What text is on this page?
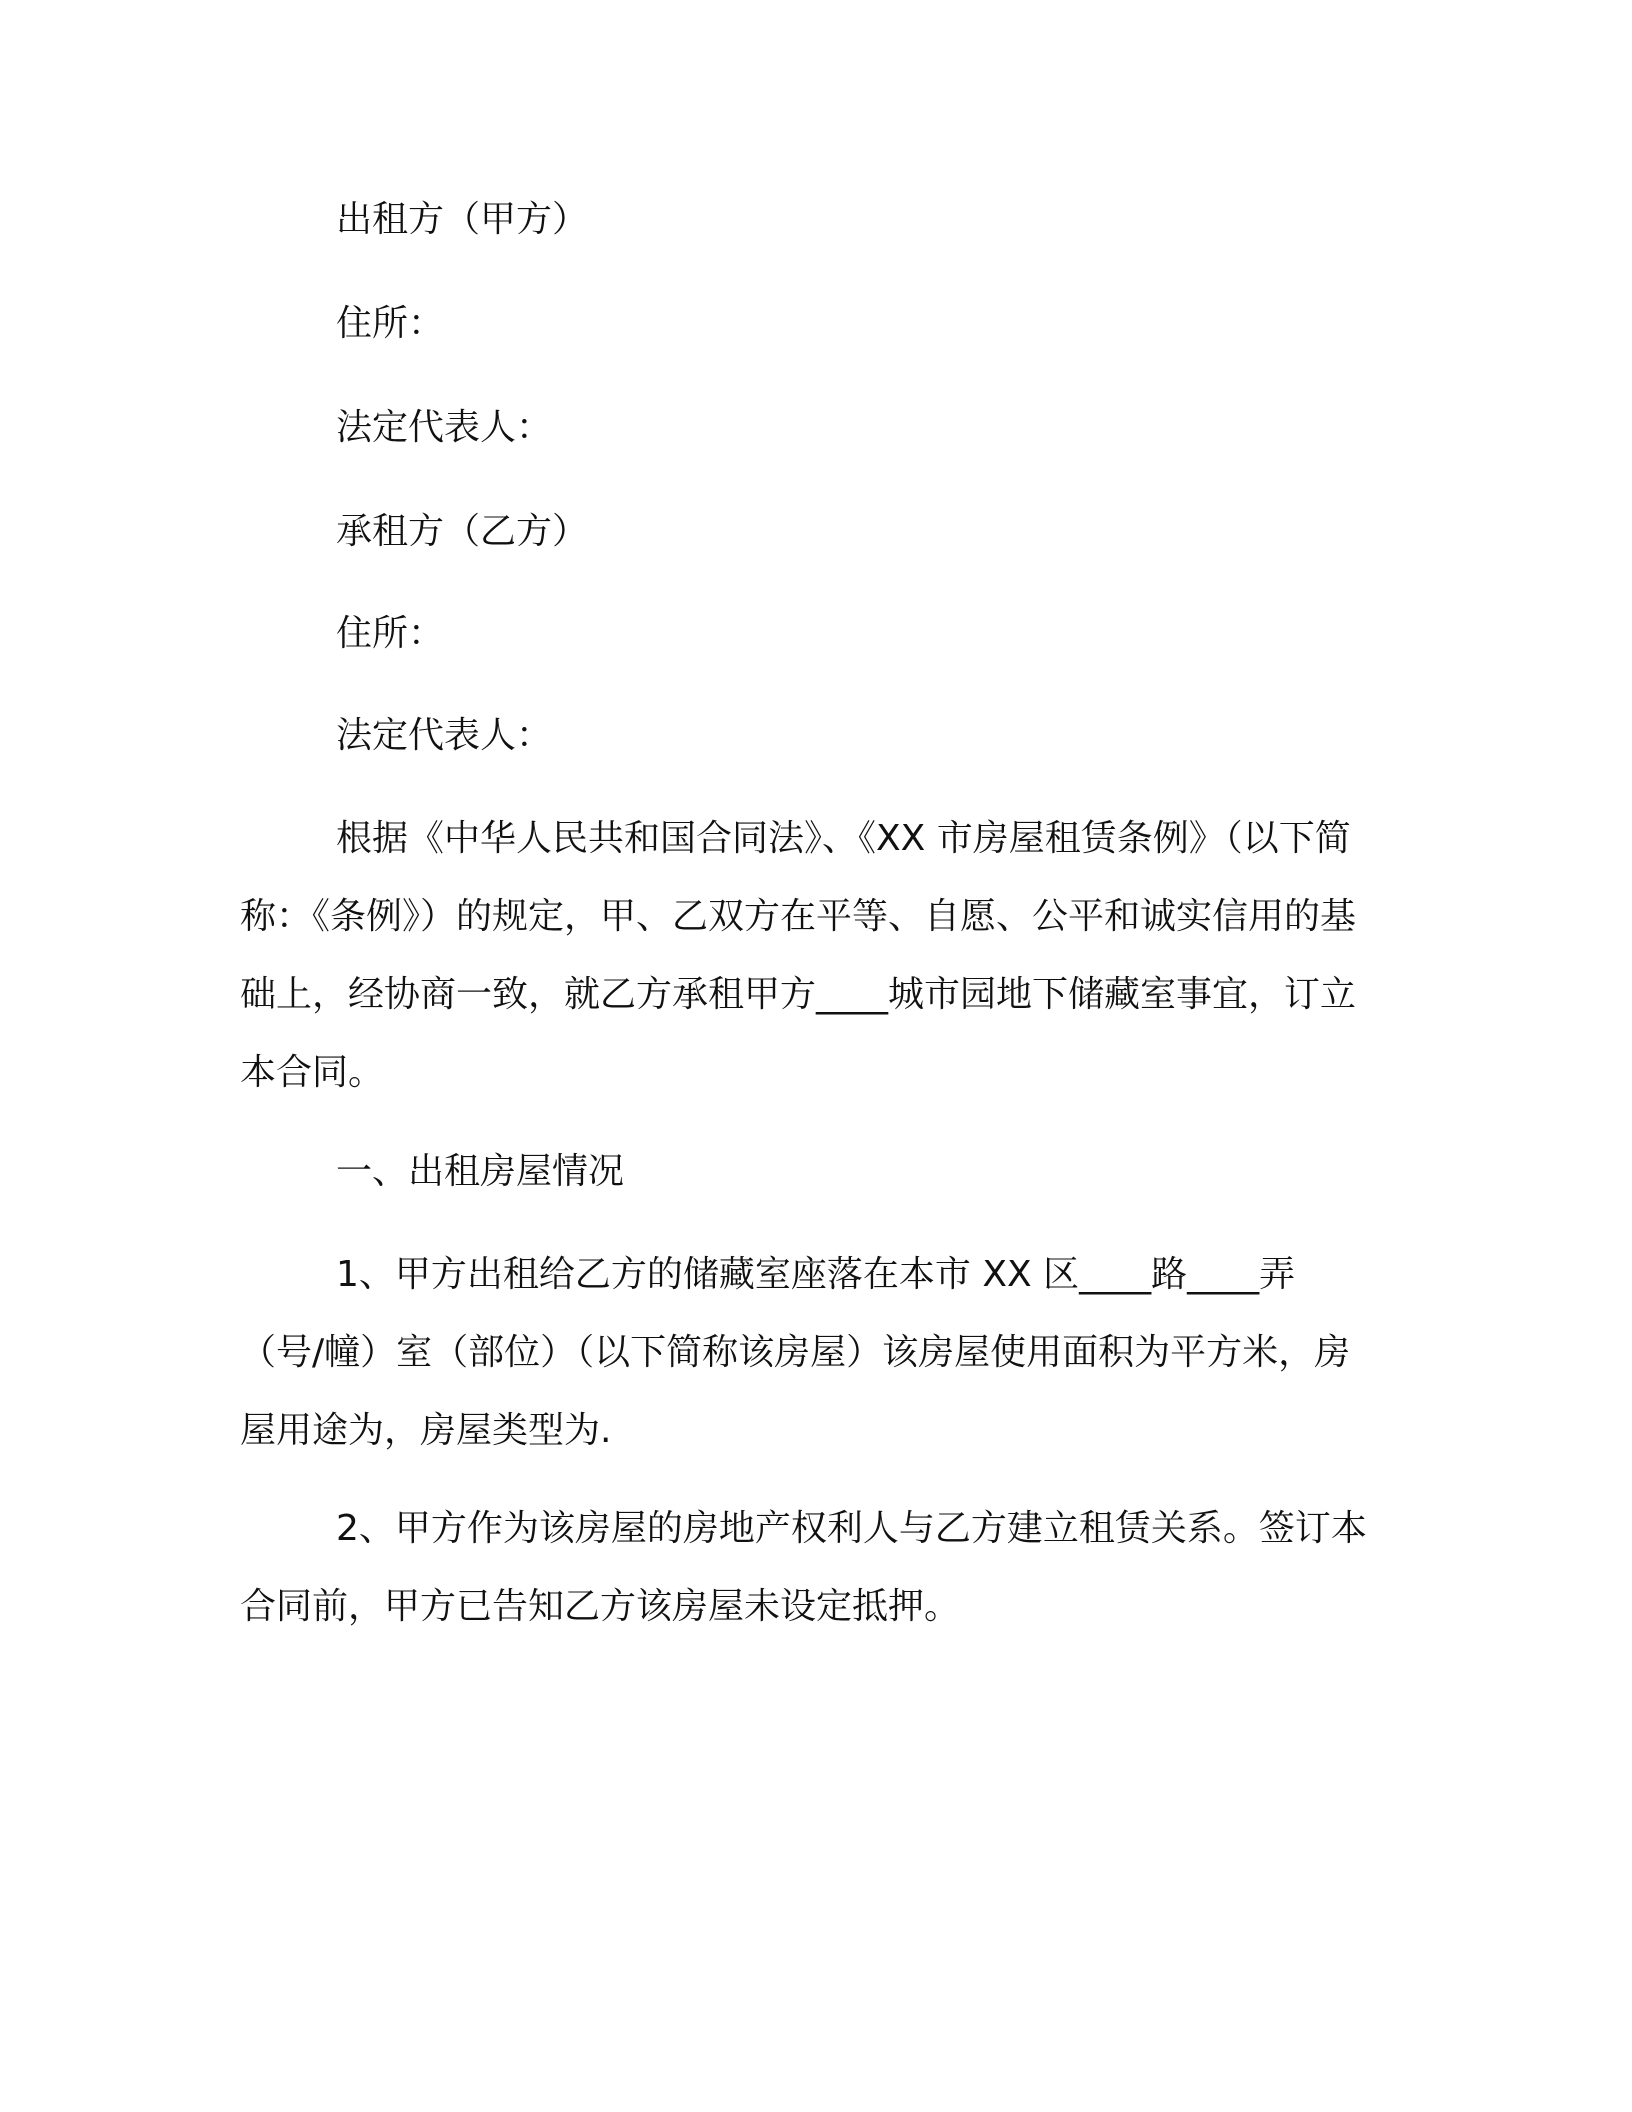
出租方（甲方）
住所：
法定代表人：
承租方（乙方）
住所：
法定代表人：
根据《中华人民共和国合同法》、《XX 市房屋租赁条例》（以下简称：《条例》）的规定，甲、乙双方在平等、自愿、公平和诚实信用的基础上，经协商一致，就乙方承租甲方____城市园地下储藏室事宜，订立本合同。
一、出租房屋情况
1、甲方出租给乙方的储藏室座落在本市 XX 区____路____弄（号/幢）室（部位）（以下简称该房屋）该房屋使用面积为平方米，房屋用途为，房屋类型为.
2、甲方作为该房屋的房地产权利人与乙方建立租赁关系。签订本合同前，甲方已告知乙方该房屋未设定抵押。
